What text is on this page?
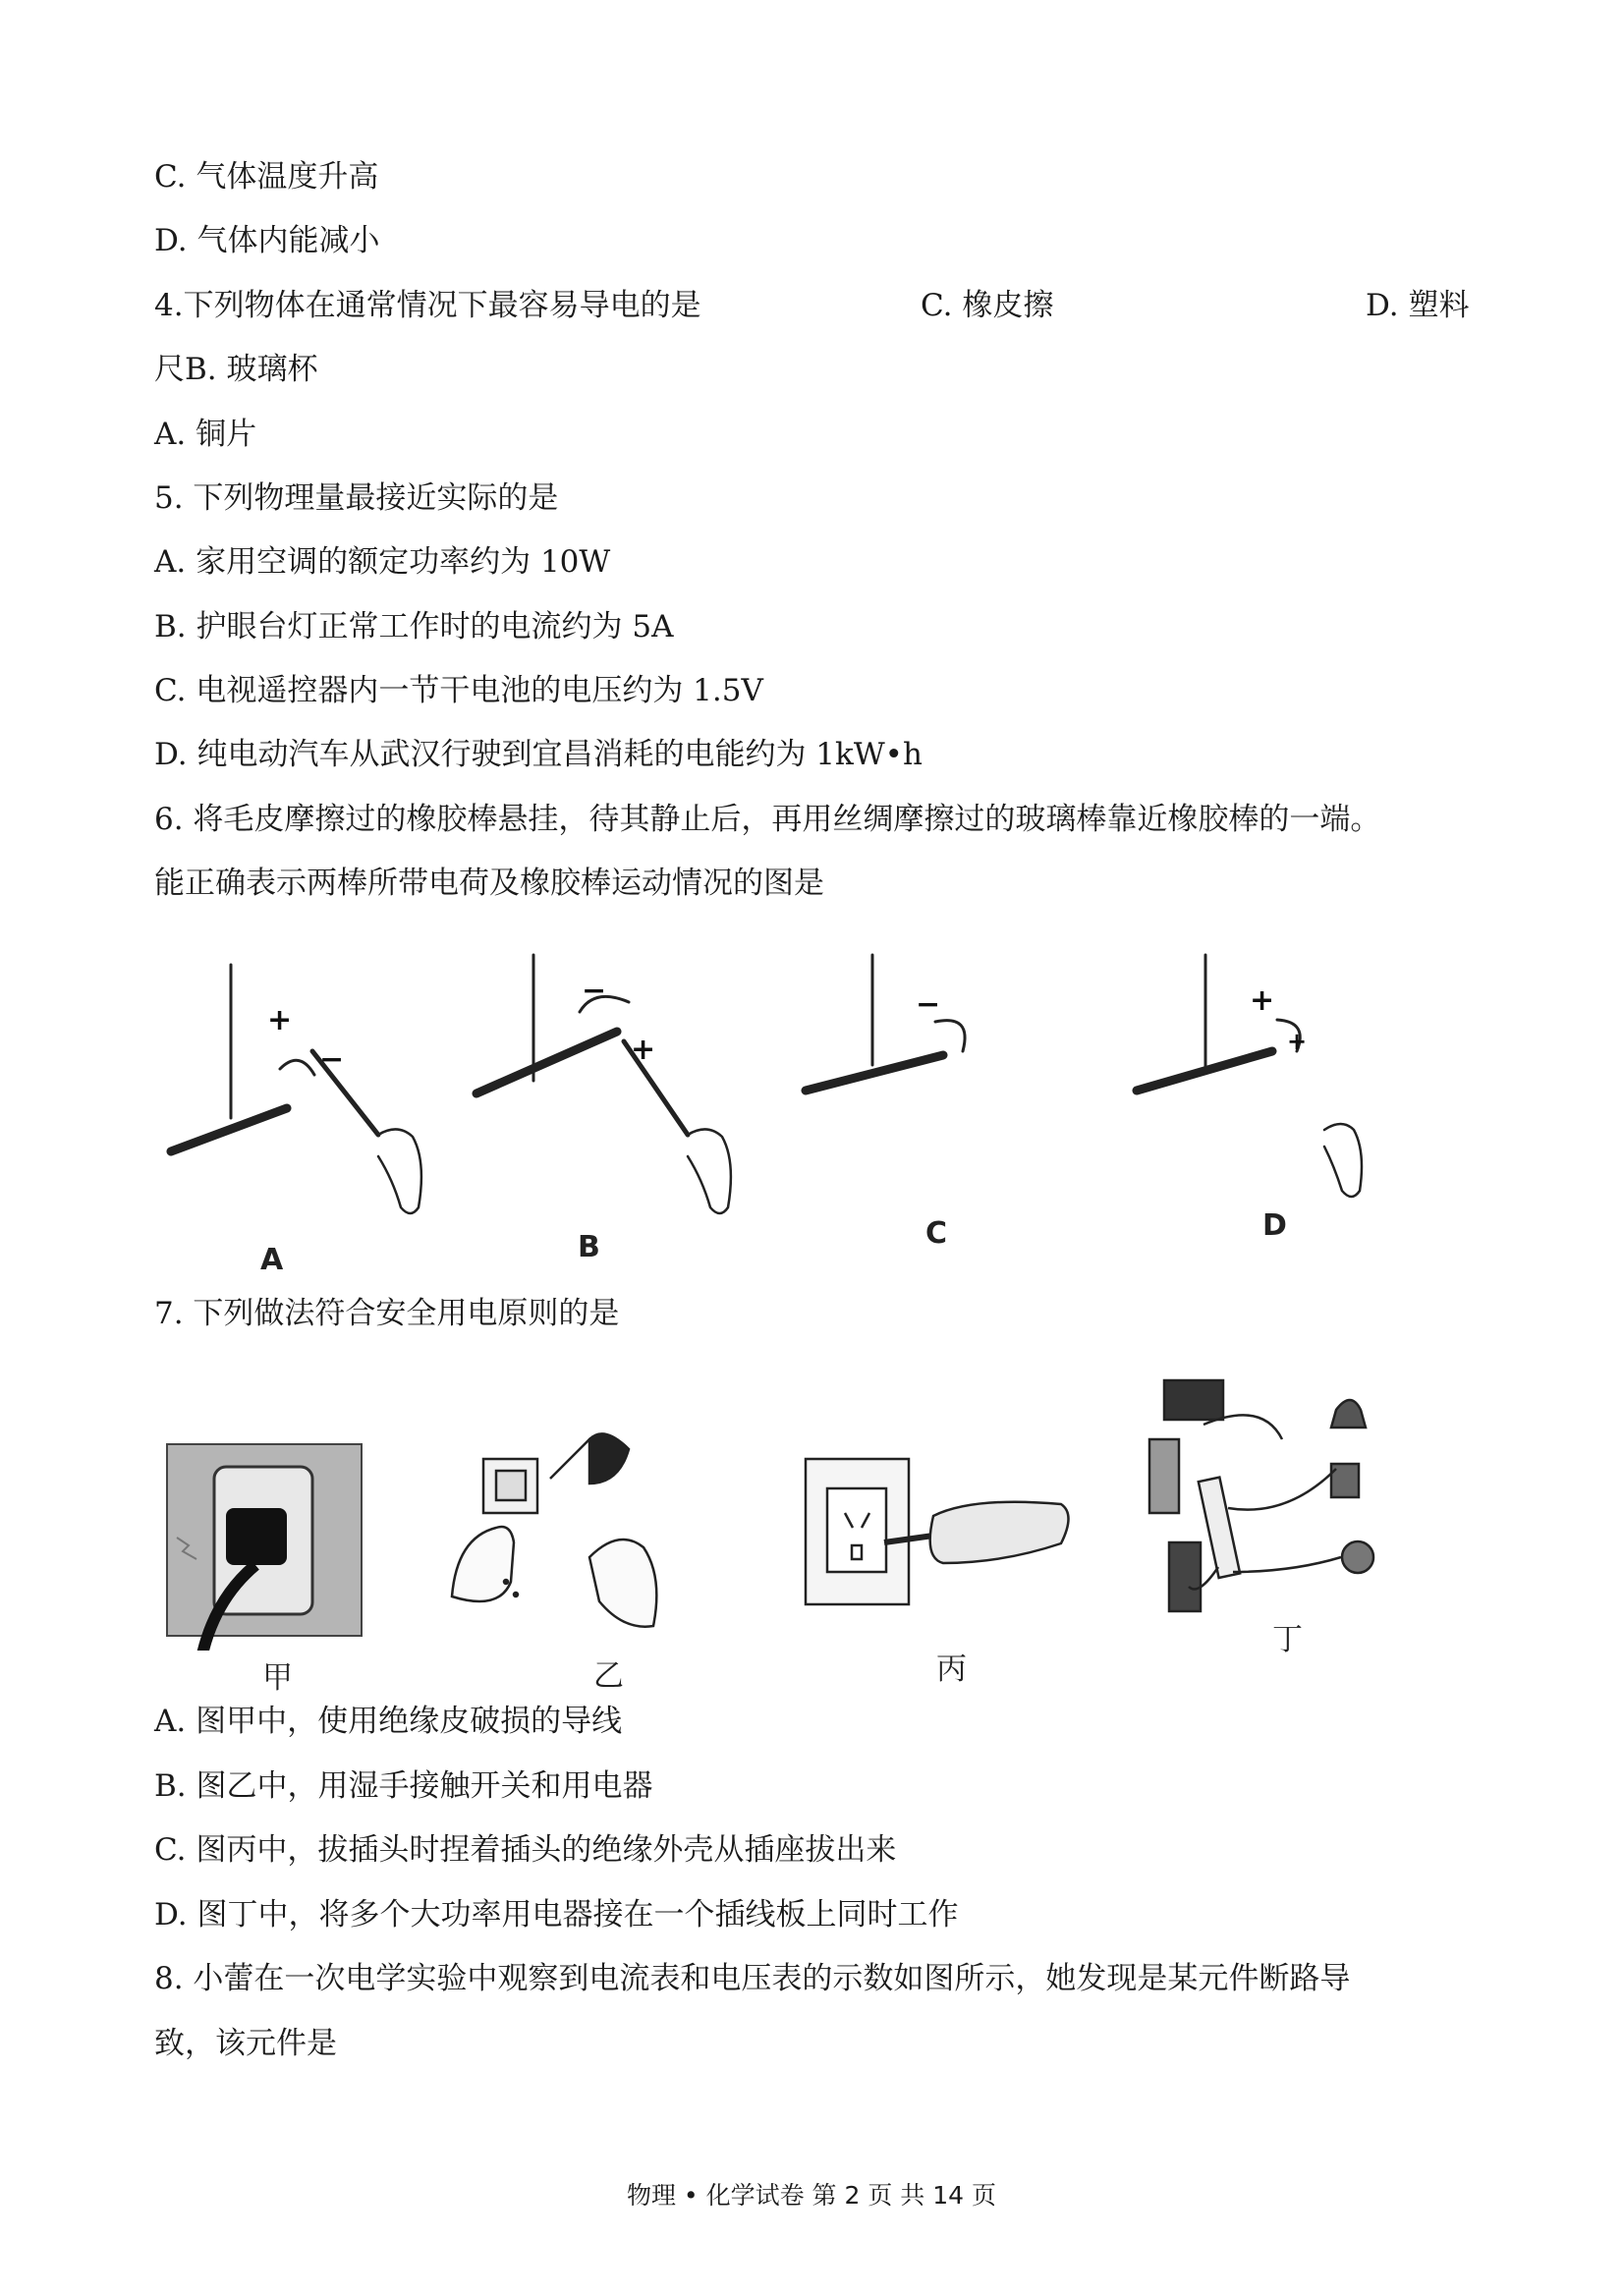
C. 气体温度升高
D. 气体内能减小
4.下列物体在通常情况下最容易导电的是	C. 橡皮擦	D. 塑料
尺B. 玻璃杯
A. 铜片
5. 下列物理量最接近实际的是
A. 家用空调的额定功率约为 10W
B. 护眼台灯正常工作时的电流约为 5A
C. 电视遥控器内一节干电池的电压约为 1.5V
D. 纯电动汽车从武汉行驶到宜昌消耗的电能约为 1kW•h
6. 将毛皮摩擦过的橡胶棒悬挂，待其静止后，再用丝绸摩擦过的玻璃棒靠近橡胶棒的一端。
能正确表示两棒所带电荷及橡胶棒运动情况的图是
+
−
−
+
−	+
+
A	B	C	D
7. 下列做法符合安全用电原则的是
甲	乙	丙
丁
A. 图甲中，使用绝缘皮破损的导线
B. 图乙中，用湿手接触开关和用电器
C. 图丙中，拔插头时捏着插头的绝缘外壳从插座拔出来
D. 图丁中，将多个大功率用电器接在一个插线板上同时工作
8. 小蕾在一次电学实验中观察到电流表和电压表的示数如图所示，她发现是某元件断路导
致，该元件是
物理 • 化学试卷 第 2 页 共 14 页
